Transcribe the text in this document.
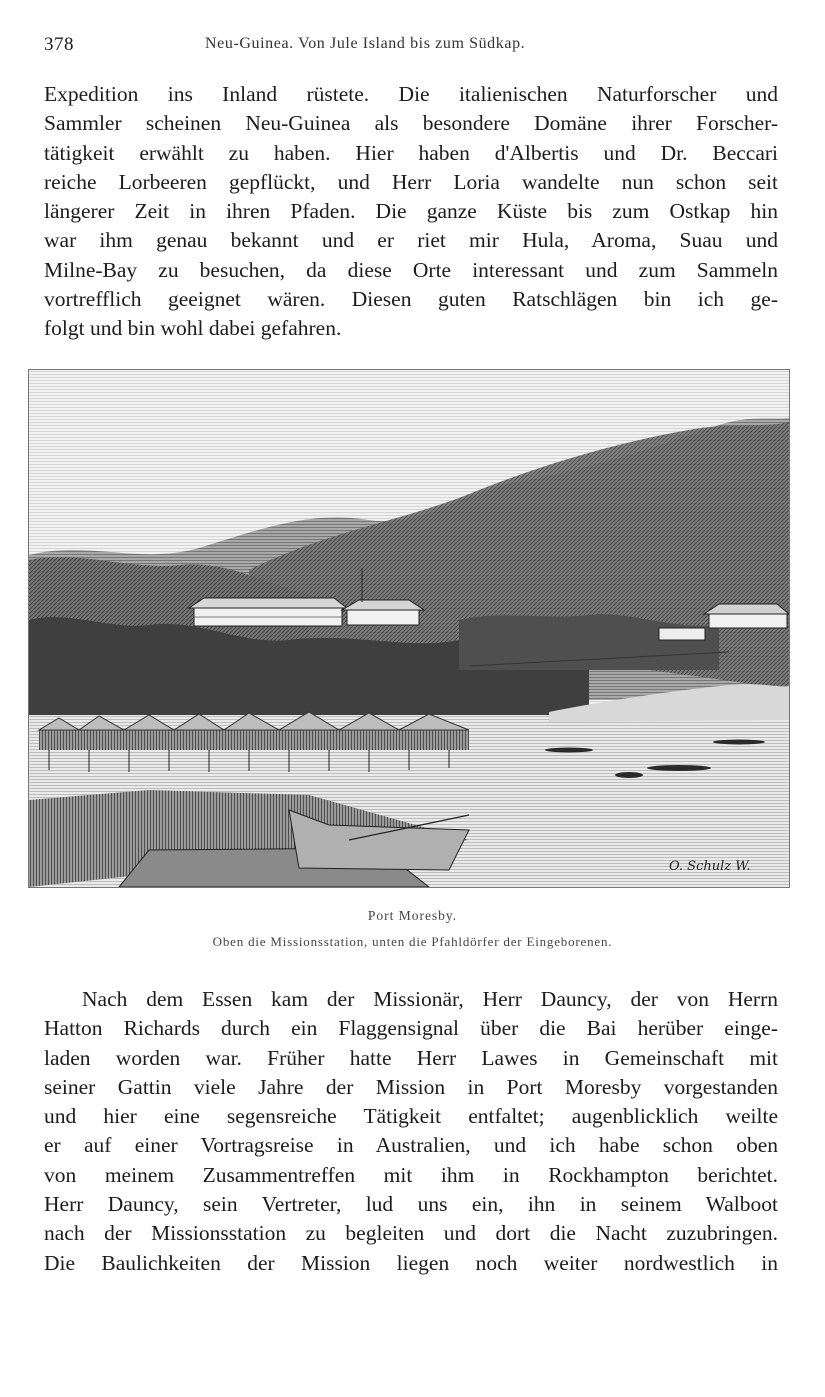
378	Neu-Guinea. Von Jule Island bis zum Südkap.

Expedition ins Inland rüstete. Die italienischen Naturforscher und
Sammler scheinen Neu-Guinea als besondere Domäne ihrer Forscher-
tätigkeit erwählt zu haben. Hier haben d'Albertis und Dr. Beccari
reiche Lorbeeren gepflückt, und Herr Loria wandelte nun schon seit
längerer Zeit in ihren Pfaden. Die ganze Küste bis zum Ostkap hin
war ihm genau bekannt und er riet mir Hula, Aroma, Suau und
Milne-Bay zu besuchen, da diese Orte interessant und zum Sammeln
vortrefflich geeignet wären. Diesen guten Ratschlägen bin ich ge-
folgt und bin wohl dabei gefahren.

O. Schulz W.
Port Moresby.
Oben die Missionsstation, unten die Pfahldörfer der Eingeborenen.

Nach dem Essen kam der Missionär, Herr Dauncy, der von Herrn
Hatton Richards durch ein Flaggensignal über die Bai herüber einge-
laden worden war. Früher hatte Herr Lawes in Gemeinschaft mit
seiner Gattin viele Jahre der Mission in Port Moresby vorgestanden
und hier eine segensreiche Tätigkeit entfaltet; augenblicklich weilte
er auf einer Vortragsreise in Australien, und ich habe schon oben
von meinem Zusammentreffen mit ihm in Rockhampton berichtet.
Herr Dauncy, sein Vertreter, lud uns ein, ihn in seinem Walboot
nach der Missionsstation zu begleiten und dort die Nacht zuzubringen.
Die Baulichkeiten der Mission liegen noch weiter nordwestlich in
